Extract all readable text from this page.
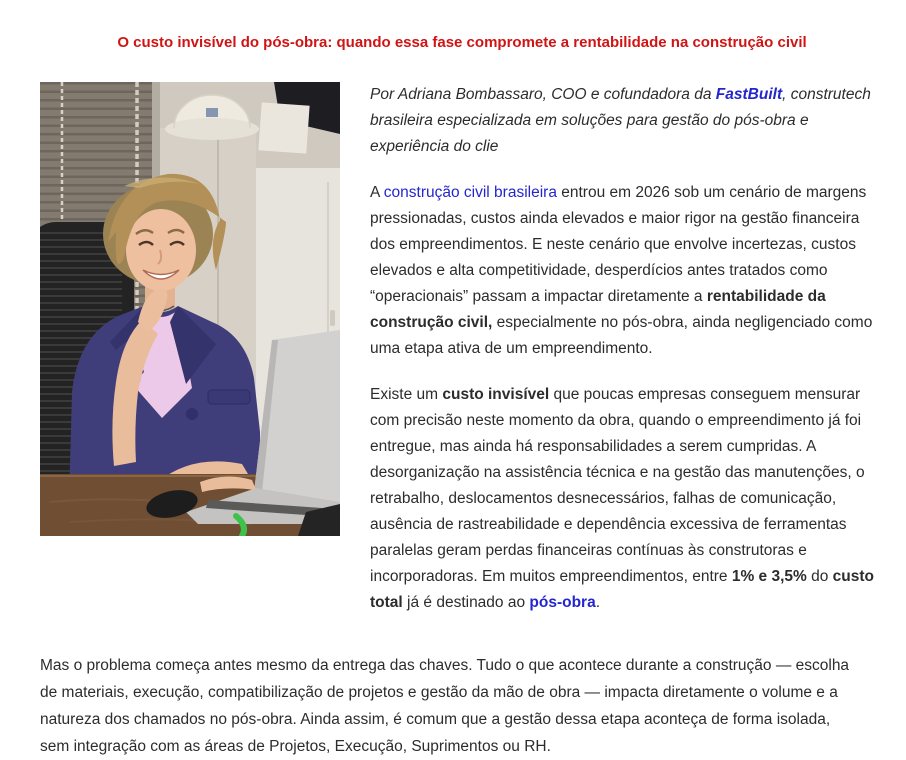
O custo invisível do pós-obra: quando essa fase compromete a rentabilidade na construção civil

Por Adriana Bombassaro, COO e cofundadora da FastBuilt, construtech brasileira especializada em soluções para gestão do pós-obra e experiência do clie

A construção civil brasileira entrou em 2026 sob um cenário de margens pressionadas, custos ainda elevados e maior rigor na gestão financeira dos empreendimentos. E neste cenário que envolve incertezas, custos elevados e alta competitividade, desperdícios antes tratados como “operacionais” passam a impactar diretamente a rentabilidade da construção civil, especialmente no pós-obra, ainda negligenciado como uma etapa ativa de um empreendimento.

Existe um custo invisível que poucas empresas conseguem mensurar com precisão neste momento da obra, quando o empreendimento já foi entregue, mas ainda há responsabilidades a serem cumpridas. A desorganização na assistência técnica e na gestão das manutenções, o retrabalho, deslocamentos desnecessários, falhas de comunicação, ausência de rastreabilidade e dependência excessiva de ferramentas paralelas geram perdas financeiras contínuas às construtoras e incorporadoras. Em muitos empreendimentos, entre 1% e 3,5% do custo total já é destinado ao pós-obra.

Mas o problema começa antes mesmo da entrega das chaves. Tudo o que acontece durante a construção — escolha de materiais, execução, compatibilização de projetos e gestão da mão de obra — impacta diretamente o volume e a natureza dos chamados no pós-obra. Ainda assim, é comum que a gestão dessa etapa aconteça de forma isolada, sem integração com as áreas de Projetos, Execução, Suprimentos ou RH.
